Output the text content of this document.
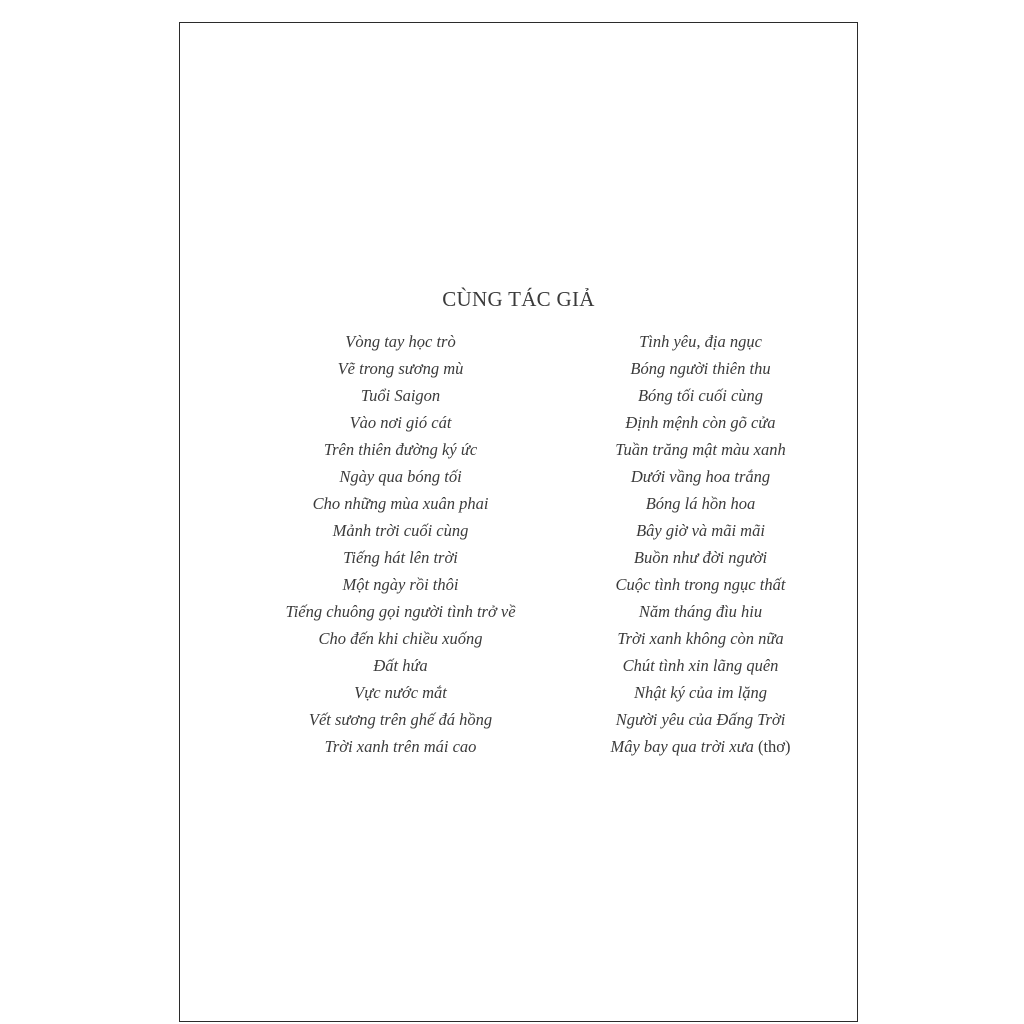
CÙNG TÁC GIẢ
Vòng tay học trò
Vẽ trong sương mù
Tuổi Saigon
Vào nơi gió cát
Trên thiên đường ký ức
Ngày qua bóng tối
Cho những mùa xuân phai
Mảnh trời cuối cùng
Tiếng hát lên trời
Một ngày rồi thôi
Tiếng chuông gọi người tình trở về
Cho đến khi chiều xuống
Đất hứa
Vực nước mắt
Vết sương trên ghế đá hồng
Trời xanh trên mái cao
Tình yêu, địa ngục
Bóng người thiên thu
Bóng tối cuối cùng
Định mệnh còn gõ cửa
Tuần trăng mật màu xanh
Dưới vầng hoa trắng
Bóng lá hồn hoa
Bây giờ và mãi mãi
Buồn như đời người
Cuộc tình trong ngục thất
Năm tháng đìu hiu
Trời xanh không còn nữa
Chút tình xin lãng quên
Nhật ký của im lặng
Người yêu của Đấng Trời
Mây bay qua trời xưa (thơ)
